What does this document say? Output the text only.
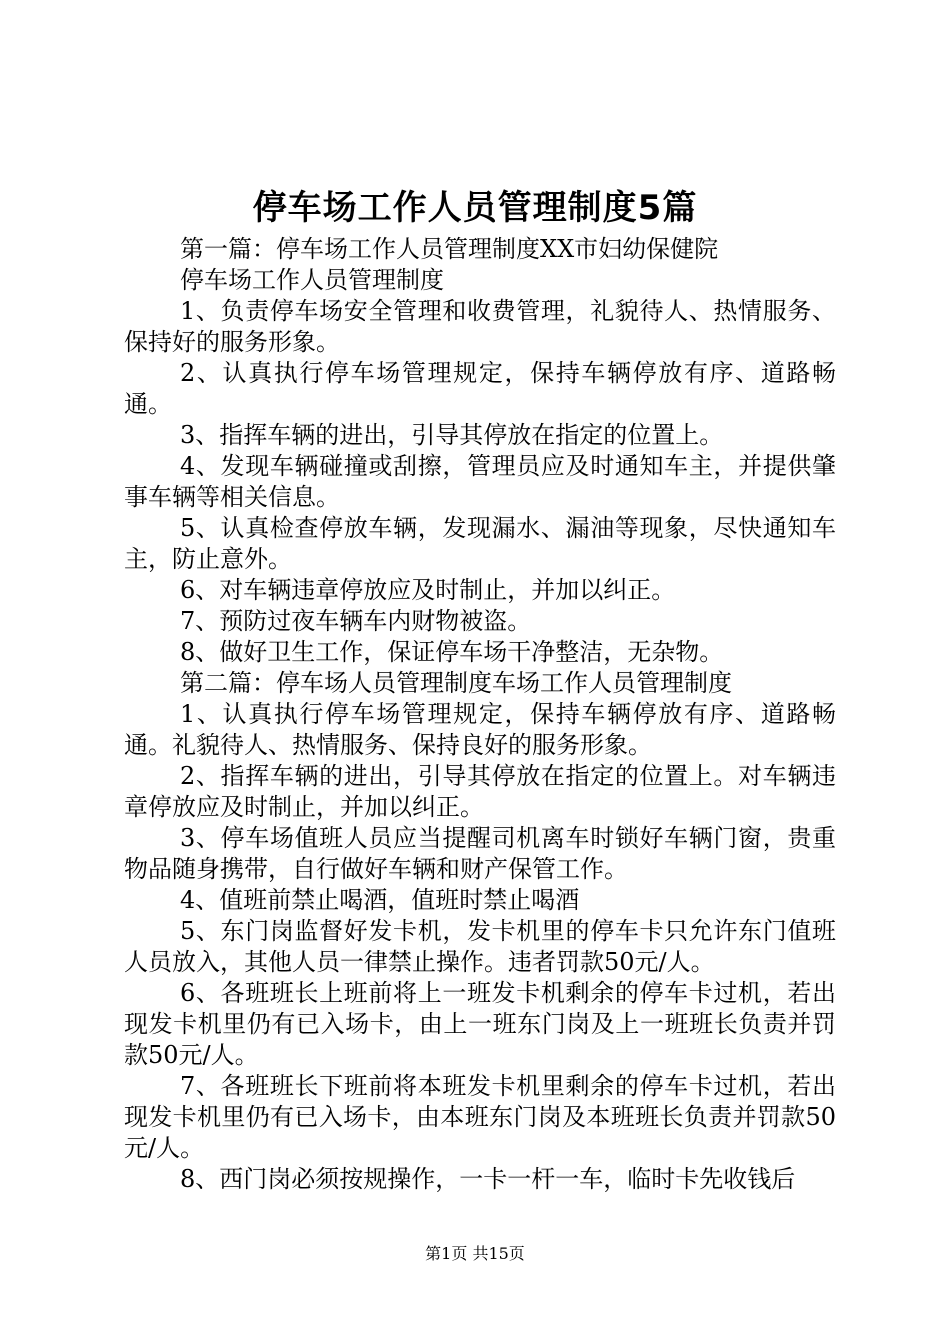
停车场工作人员管理制度5篇

第一篇：停车场工作人员管理制度XX市妇幼保健院

停车场工作人员管理制度

1、负责停车场安全管理和收费管理，礼貌待人、热情服务、保持好的服务形象。

2、认真执行停车场管理规定，保持车辆停放有序、道路畅通。

3、指挥车辆的进出，引导其停放在指定的位置上。

4、发现车辆碰撞或刮擦，管理员应及时通知车主，并提供肇事车辆等相关信息。

5、认真检查停放车辆，发现漏水、漏油等现象，尽快通知车主，防止意外。

6、对车辆违章停放应及时制止，并加以纠正。

7、预防过夜车辆车内财物被盗。

8、做好卫生工作，保证停车场干净整洁，无杂物。

第二篇：停车场人员管理制度车场工作人员管理制度

1、认真执行停车场管理规定，保持车辆停放有序、道路畅通。礼貌待人、热情服务、保持良好的服务形象。

2、指挥车辆的进出，引导其停放在指定的位置上。对车辆违章停放应及时制止，并加以纠正。

3、停车场值班人员应当提醒司机离车时锁好车辆门窗，贵重物品随身携带，自行做好车辆和财产保管工作。

4、值班前禁止喝酒，值班时禁止喝酒

5、东门岗监督好发卡机，发卡机里的停车卡只允许东门值班人员放入，其他人员一律禁止操作。违者罚款50元/人。

6、各班班长上班前将上一班发卡机剩余的停车卡过机，若出现发卡机里仍有已入场卡，由上一班东门岗及上一班班长负责并罚款50元/人。

7、各班班长下班前将本班发卡机里剩余的停车卡过机，若出现发卡机里仍有已入场卡，由本班东门岗及本班班长负责并罚款50元/人。

8、西门岗必须按规操作，一卡一杆一车，临时卡先收钱后

第1页 共15页
